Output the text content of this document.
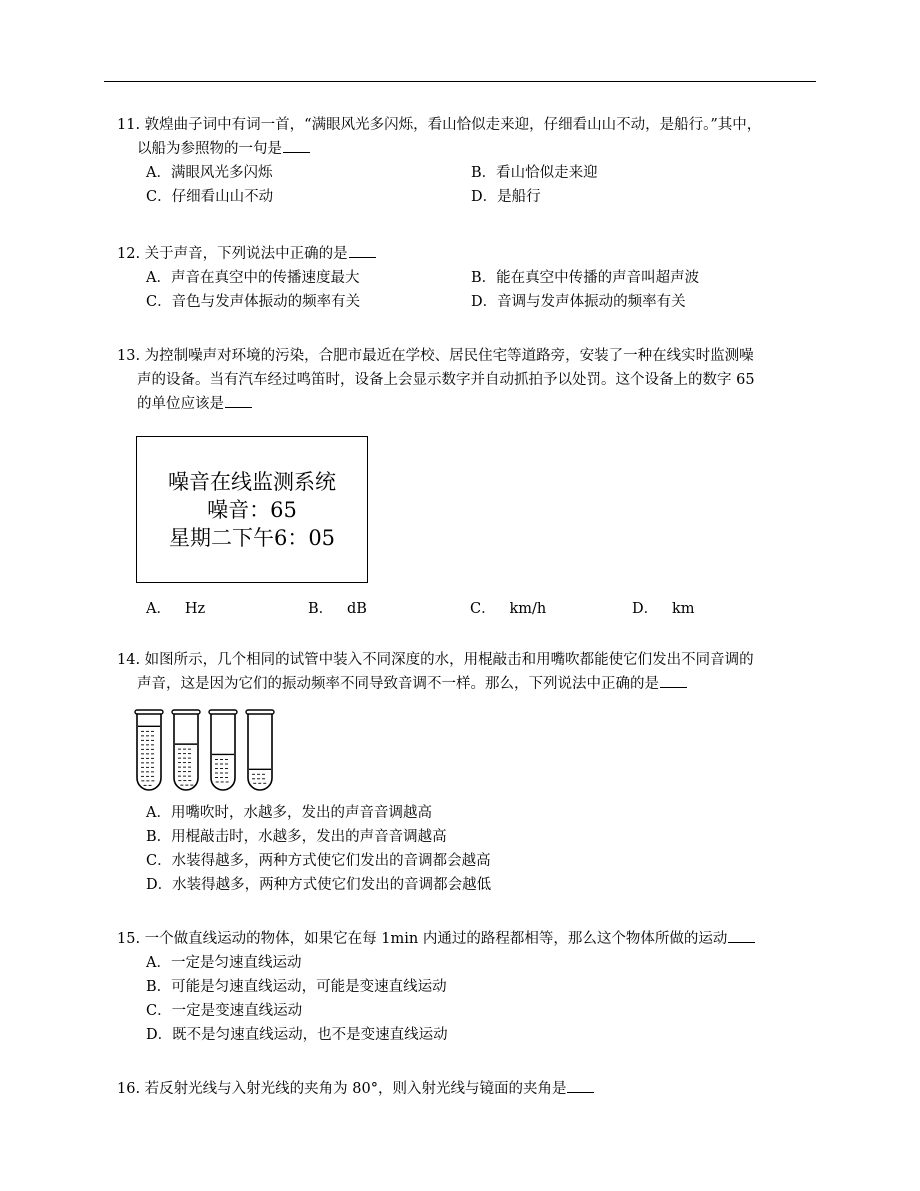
11. 敦煌曲子词中有词一首，“满眼风光多闪烁，看山恰似走来迎，仔细看山山不动，是船行。”其中，

以船为参照物的一句是

A．满眼风光多闪烁	B．看山恰似走来迎
C．仔细看山山不动	D．是船行

12. 关于声音，下列说法中正确的是

A．声音在真空中的传播速度最大	B．能在真空中传播的声音叫超声波
C．音色与发声体振动的频率有关	D．音调与发声体振动的频率有关

13. 为控制噪声对环境的污染，合肥市最近在学校、居民住宅等道路旁，安装了一种在线实时监测噪

声的设备。当有汽车经过鸣笛时，设备上会显示数字并自动抓拍予以处罚。这个设备上的数字 65

的单位应该是

噪音在线监测系统
噪音：65
星期二下午6：05
A． Hz	B． dB	C． km/h	D． km

14. 如图所示，几个相同的试管中装入不同深度的水，用棍敲击和用嘴吹都能使它们发出不同音调的

声音，这是因为它们的振动频率不同导致音调不一样。那么，下列说法中正确的是

A．用嘴吹时，水越多，发出的声音音调越高
B．用棍敲击时，水越多，发出的声音音调越高
C．水装得越多，两种方式使它们发出的音调都会越高
D．水装得越多，两种方式使它们发出的音调都会越低

15. 一个做直线运动的物体，如果它在每 1min 内通过的路程都相等，那么这个物体所做的运动

A．一定是匀速直线运动
B．可能是匀速直线运动，可能是变速直线运动
C．一定是变速直线运动
D．既不是匀速直线运动，也不是变速直线运动

16. 若反射光线与入射光线的夹角为 80°，则入射光线与镜面的夹角是
